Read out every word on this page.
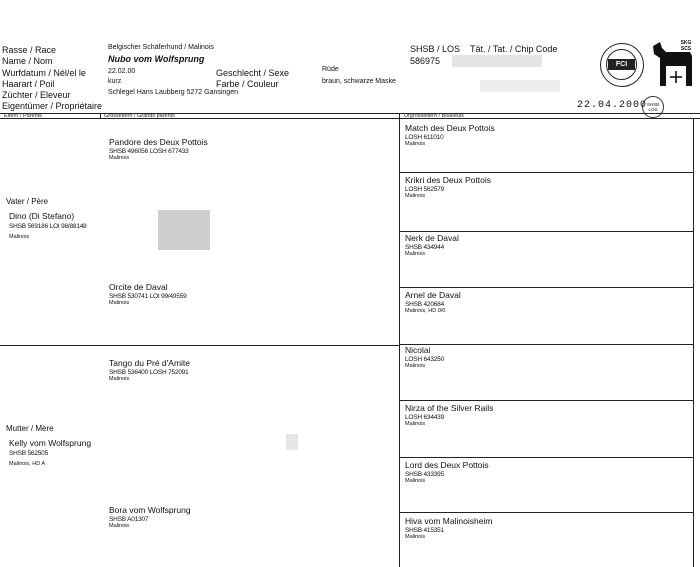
Rasse / Race
Name / Nom
Wurfdatum / Nél/el le
Haarart / Poil
Züchter / Eleveur
Eigentümer / Propriétaire
Belgischer Schäferhund / Malinois
Nubo vom Wolfsprung
22.02.00
kurz
Schlegel Hans Laubberg 5272 Gansingen
Geschlecht / Sexe
Farbe / Couleur
Rüde
braun, schwarze Maske
SHSB / LOS
586975
Tät. / Tat. / Chip Code
FCI
SKG SCS
22.04.2000 SHSB LOS
Eltern / Parents	Grosseltern / Grands parents	Urgrosseltern / Bisaïeuls
Vater / Père
Dino (Di Stefano)
SHSB 569186 LOI 98/88148
Malinois
Mutter / Mère
Kelly vom Wolfsprung
SHSB 562505
Malinois, HD A
Pandore des Deux Pottois
SHSB 496056 LOSH 677433
Malinois
Orcite de Daval
SHSB 530741 LOI 99/49559
Malinois
Tango du Pré d'Amite
SHSB 536400 LOSH 752091
Malinois
Bora vom Wolfsprung
SHSB A01307
Malinois
Match des Deux Pottois
LOSH 611010
Malinois
Krikri des Deux Pottois
LOSH 562579
Malinois
Nerk de Daval
SHSB 434944
Malinois
Arnel de Daval
SHSB 420684
Malinois, HD 0/0
Nicolai
LOSH 643250
Malinois
Nirza of the Silver Rails
LOSH 634439
Malinois
Lord des Deux Pottois
SHSB 433395
Malinois
Hiva vom Malinoisheim
SHSB 415351
Malinois
